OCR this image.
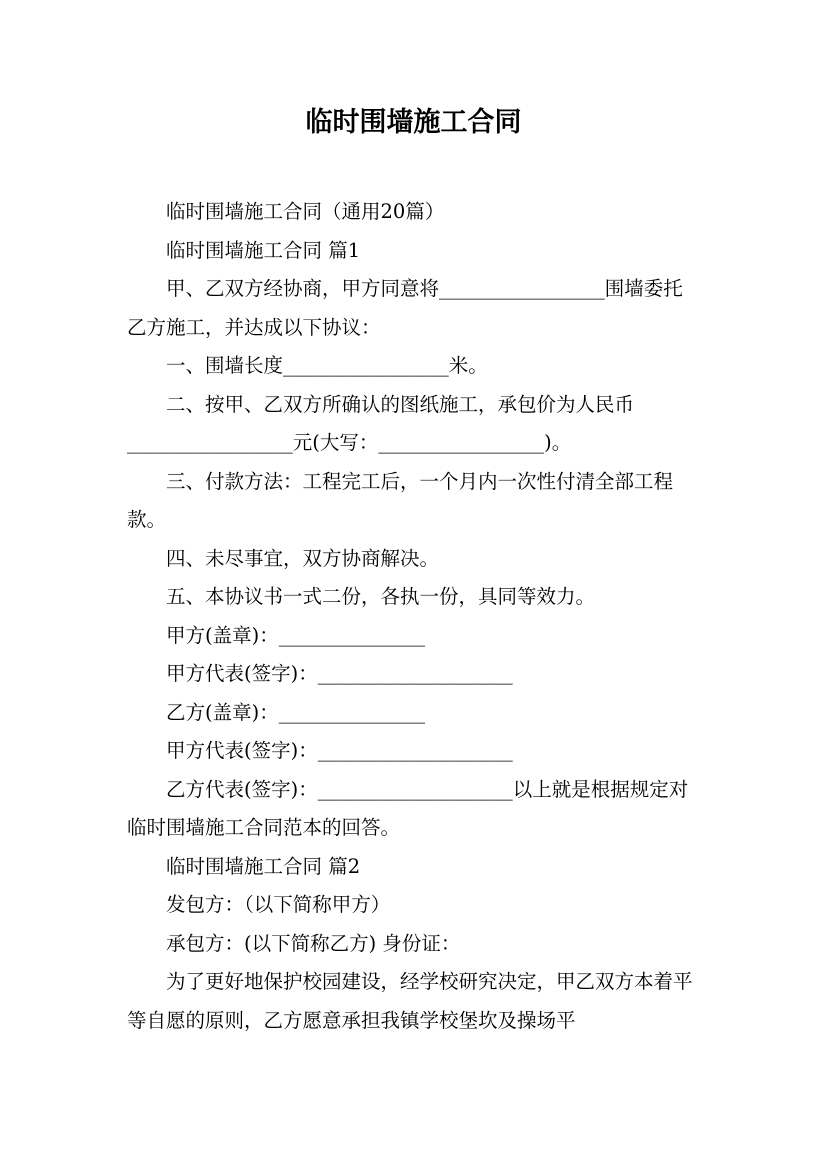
临时围墙施工合同

临时围墙施工合同（通用20篇）

临时围墙施工合同 篇1

甲、乙双方经协商，甲方同意将_________________围墙委托乙方施工，并达成以下协议：

一、围墙长度_________________米。

二、按甲、乙双方所确认的图纸施工，承包价为人民币_________________元(大写：_________________)。

三、付款方法：工程完工后，一个月内一次性付清全部工程款。

四、未尽事宜，双方协商解决。

五、本协议书一式二份，各执一份，具同等效力。

甲方(盖章)：_______________

甲方代表(签字)：____________________

乙方(盖章)：_______________

甲方代表(签字)：____________________

乙方代表(签字)：____________________以上就是根据规定对临时围墙施工合同范本的回答。

临时围墙施工合同 篇2

发包方：（以下简称甲方）

承包方：(以下简称乙方) 身份证：

为了更好地保护校园建设，经学校研究决定，甲乙双方本着平等自愿的原则，乙方愿意承担我镇学校堡坎及操场平
